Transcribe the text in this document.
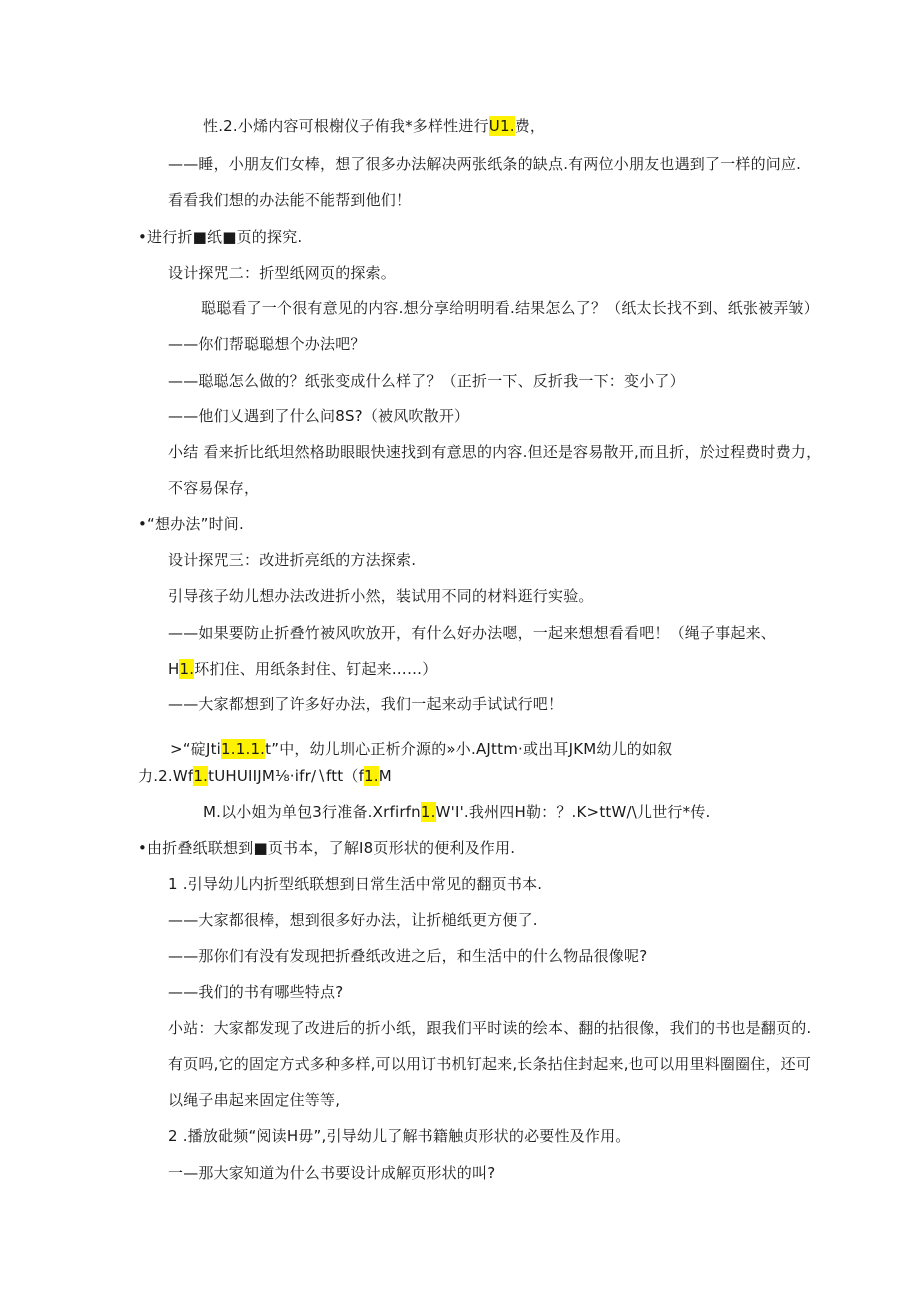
性.2.小烯内容可根榭仪子侑我*多样性进行U1.费，
——睡，小朋友们女棒，想了很多办法解决两张纸条的缺点.有两位小朋友也遇到了一样的问应.
看看我们想的办法能不能帮到他们！
•进行折■纸■页的探究.
设计探咒二：折型纸网页的探索。
聪聪看了一个很有意见的内容.想分享给明明看.结果怎么了？（纸太长找不到、纸张被弄皱）
——你们帮聪聪想个办法吧？
——聪聪怎么做的？纸张变成什么样了？（正折一下、反折我一下：变小了）
——他们乂遇到了什么问8S?（被风吹散开）
小结 看来折比纸坦然格助眼眼快速找到有意思的内容.但还是容易散开,而且折，於过程费时费力，
不容易保存，
•“想办法”时间.
设计探咒三：改进折亮纸的方法探索.
引导孩子幼儿想办法改进折小然，装试用不同的材料逛行实验。
——如果要防止折叠竹被风吹放开，有什么好办法嗯，一起来想想看看吧！（绳子事起来、
H1.环扪住、用纸条封住、钉起来……）
——大家都想到了许多好办法，我们一起来动手试试行吧！
>“碇Jti1.1.1.t”中，幼儿圳心正析介源的»小.AJttm·或出耳JKM幼儿的如叙
力.2.Wf1.tUHUIIJM⅛·ifr∕∖ftt（f1.M
M.以小姐为单包3行准备.Xrfirfn1.W'I'.我州四H勒：？.K>ttW∕\儿世行*传.
•由折叠纸联想到■页书本，了解I8页形状的便利及作用.
1 .引导幼儿内折型纸联想到日常生活中常见的翻页书本.
——大家都很棒，想到很多好办法，让折槌纸更方便了.
——那你们有没有发现把折叠纸改进之后，和生活中的什么物品很像呢?
——我们的书有哪些特点?
小站：大家都发现了改进后的折小纸，跟我们平时读的绘本、翻的拈很像，我们的书也是翻页的.
有页吗,它的固定方式多种多样,可以用订书机钉起来,长条拈住封起来,也可以用里料圈圈住，还可
以绳子串起来固定住等等,
2 .播放砒频“阅读H毋”,引导幼儿了解书籍触贞形状的必要性及作用。
一—那大家知道为什么书要设计成解页形状的叫?
